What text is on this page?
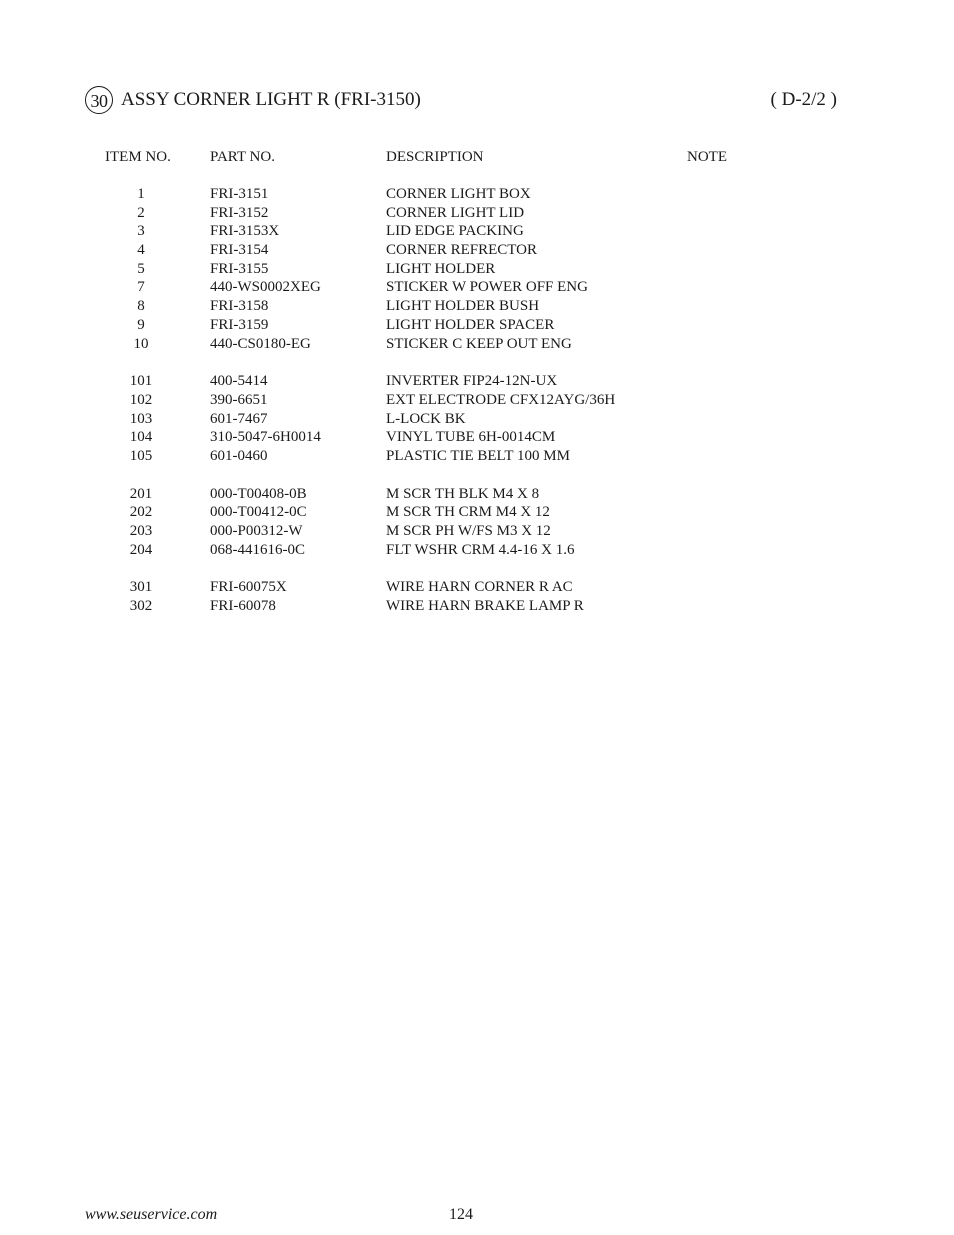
30 ASSY CORNER LIGHT R (FRI-3150)	( D-2/2 )
ITEM NO.	PART NO.	DESCRIPTION	NOTE
1	FRI-3151	CORNER LIGHT BOX
2	FRI-3152	CORNER LIGHT LID
3	FRI-3153X	LID EDGE PACKING
4	FRI-3154	CORNER REFRECTOR
5	FRI-3155	LIGHT HOLDER
7	440-WS0002XEG	STICKER W POWER OFF ENG
8	FRI-3158	LIGHT HOLDER BUSH
9	FRI-3159	LIGHT HOLDER SPACER
10	440-CS0180-EG	STICKER C KEEP OUT ENG
101	400-5414	INVERTER FIP24-12N-UX
102	390-6651	EXT ELECTRODE CFX12AYG/36H
103	601-7467	L-LOCK BK
104	310-5047-6H0014	VINYL TUBE 6H-0014CM
105	601-0460	PLASTIC TIE BELT 100 MM
201	000-T00408-0B	M SCR TH BLK M4 X 8
202	000-T00412-0C	M SCR TH CRM M4 X 12
203	000-P00312-W	M SCR PH W/FS M3 X 12
204	068-441616-0C	FLT WSHR CRM 4.4-16 X 1.6
301	FRI-60075X	WIRE HARN CORNER R AC
302	FRI-60078	WIRE HARN BRAKE LAMP R
www.seuservice.com	124
